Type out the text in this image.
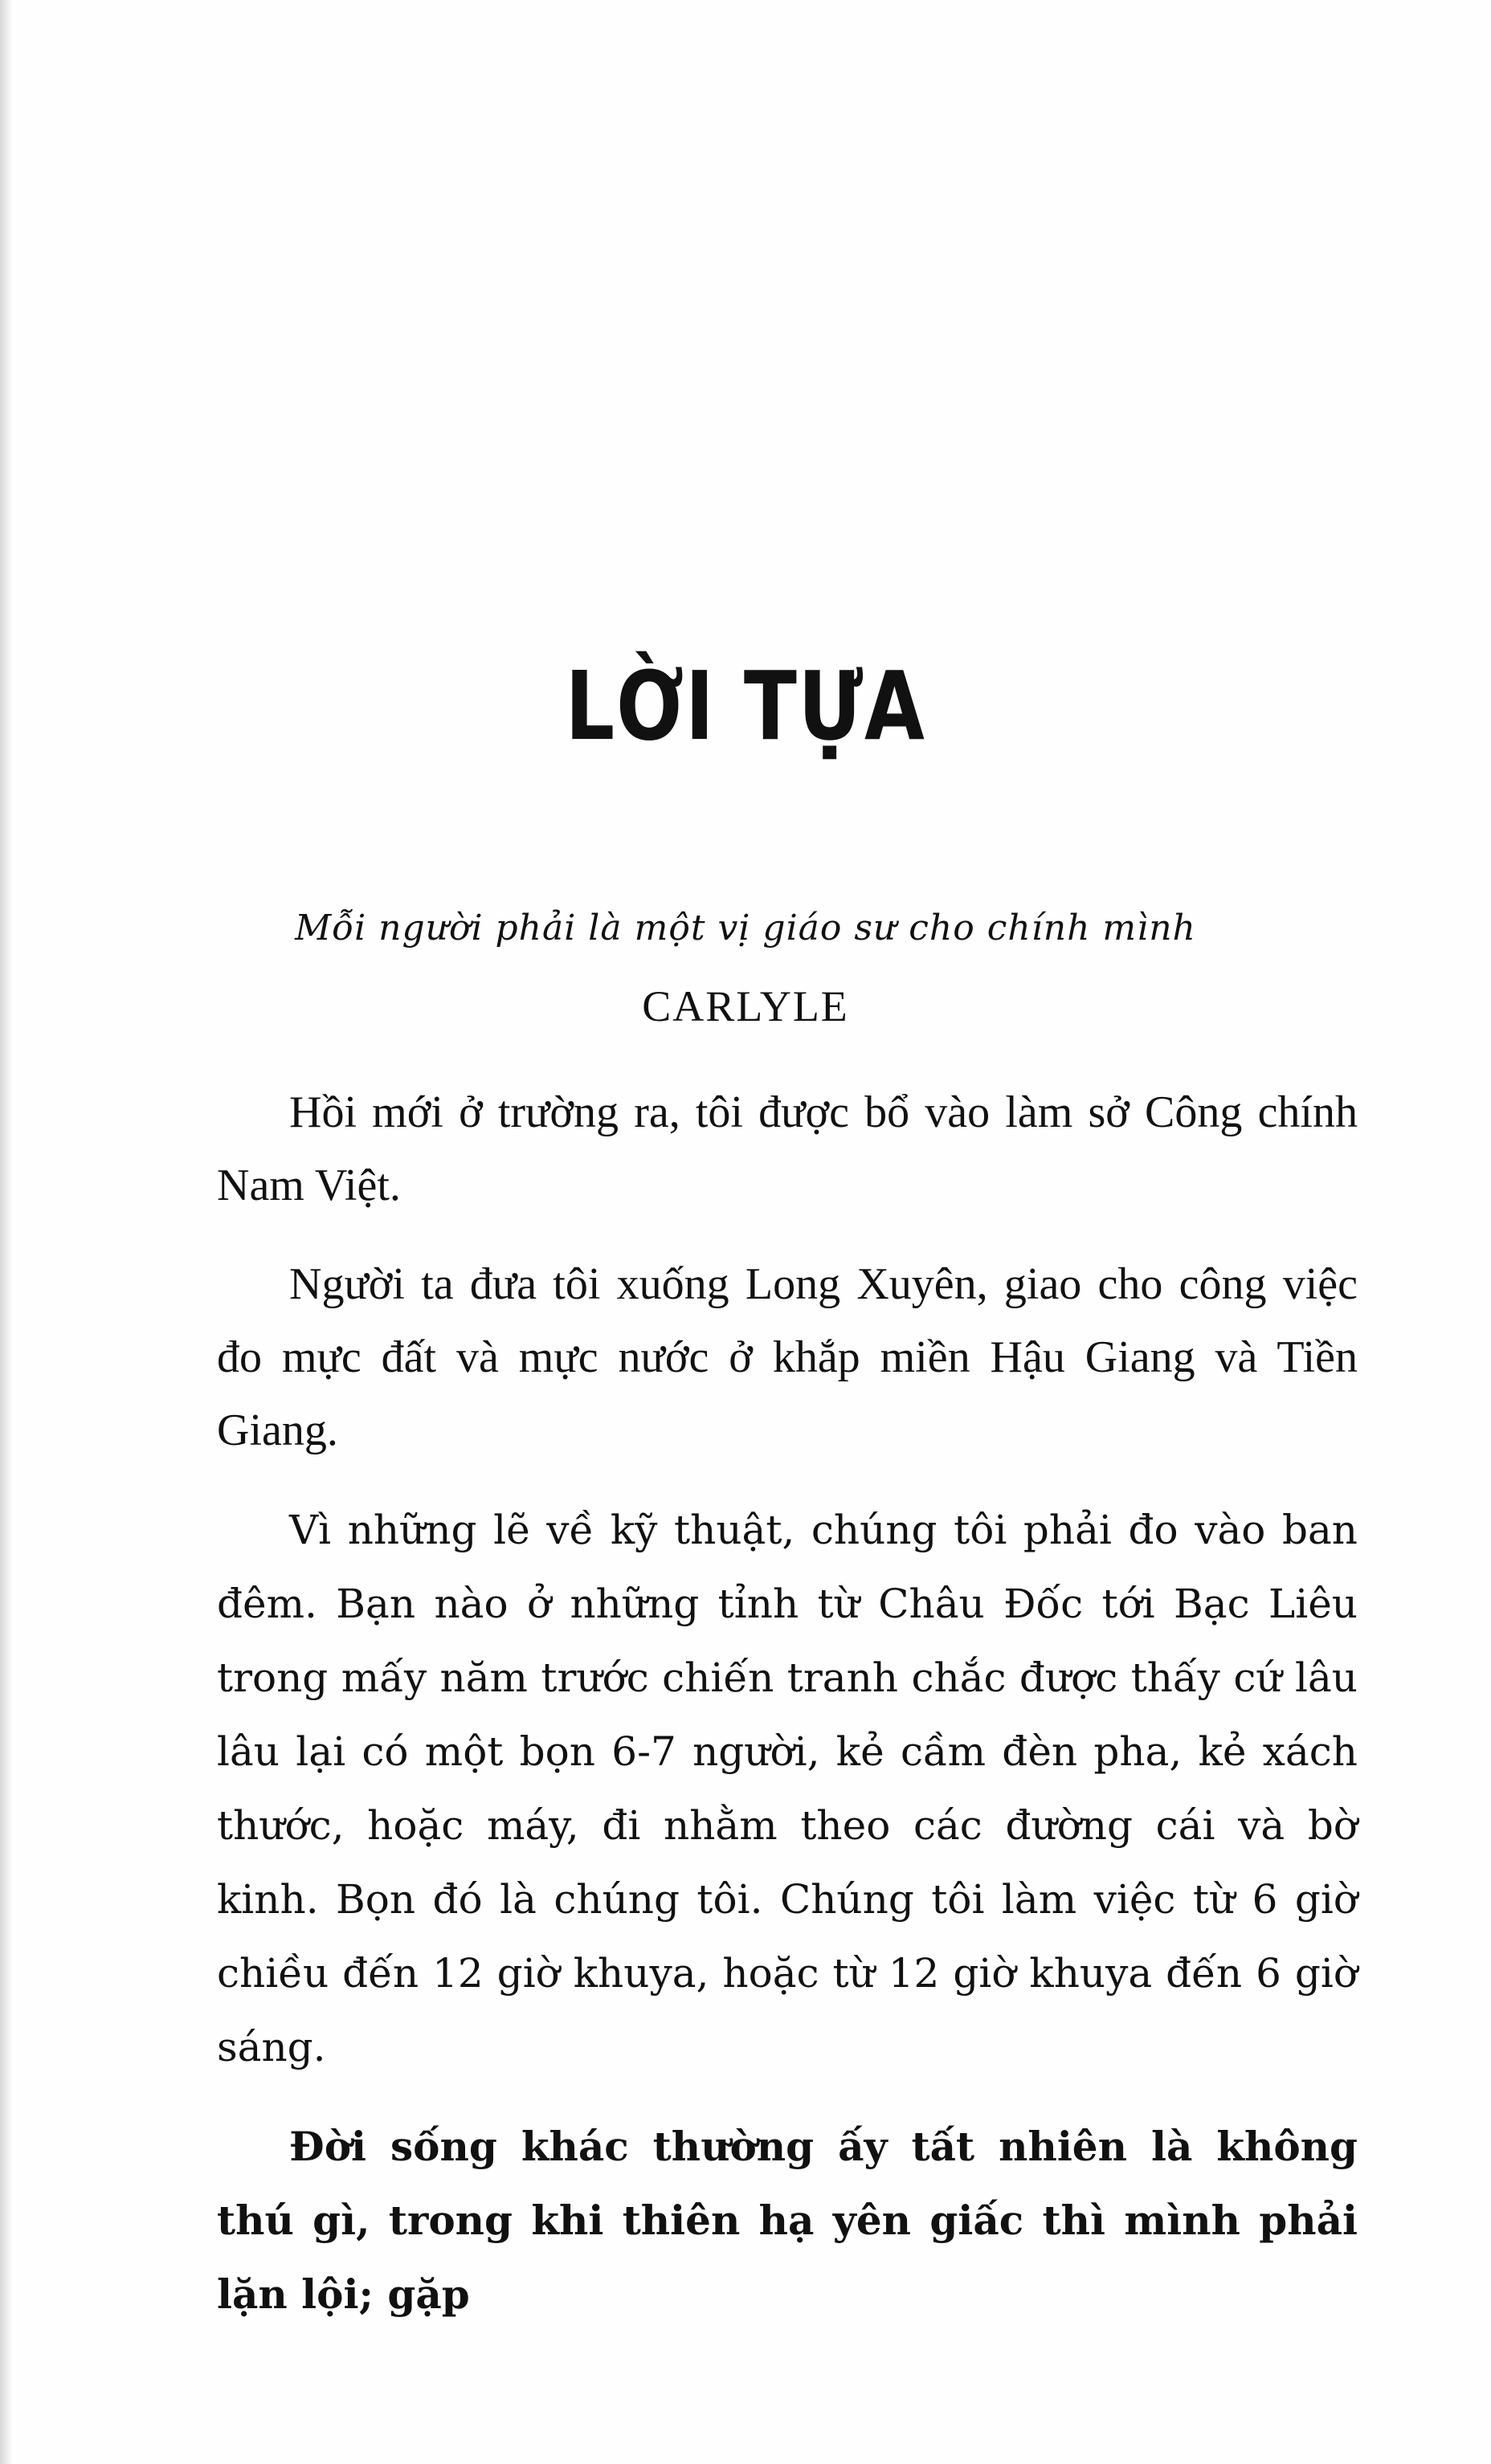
LỜI TỰA
Mỗi người phải là một vị giáo sư cho chính mình
CARLYLE

Hồi mới ở trường ra, tôi được bổ vào làm sở Công chính Nam Việt.

Người ta đưa tôi xuống Long Xuyên, giao cho công việc đo mực đất và mực nước ở khắp miền Hậu Giang và Tiền Giang.

Vì những lẽ về kỹ thuật, chúng tôi phải đo vào ban đêm. Bạn nào ở những tỉnh từ Châu Đốc tới Bạc Liêu trong mấy năm trước chiến tranh chắc được thấy cứ lâu lâu lại có một bọn 6-7 người, kẻ cầm đèn pha, kẻ xách thước, hoặc máy, đi nhằm theo các đường cái và bờ kinh. Bọn đó là chúng tôi. Chúng tôi làm việc từ 6 giờ chiều đến 12 giờ khuya, hoặc từ 12 giờ khuya đến 6 giờ sáng.

Đời sống khác thường ấy tất nhiên là không thú gì, trong khi thiên hạ yên giấc thì mình phải lặn lội; gặp
